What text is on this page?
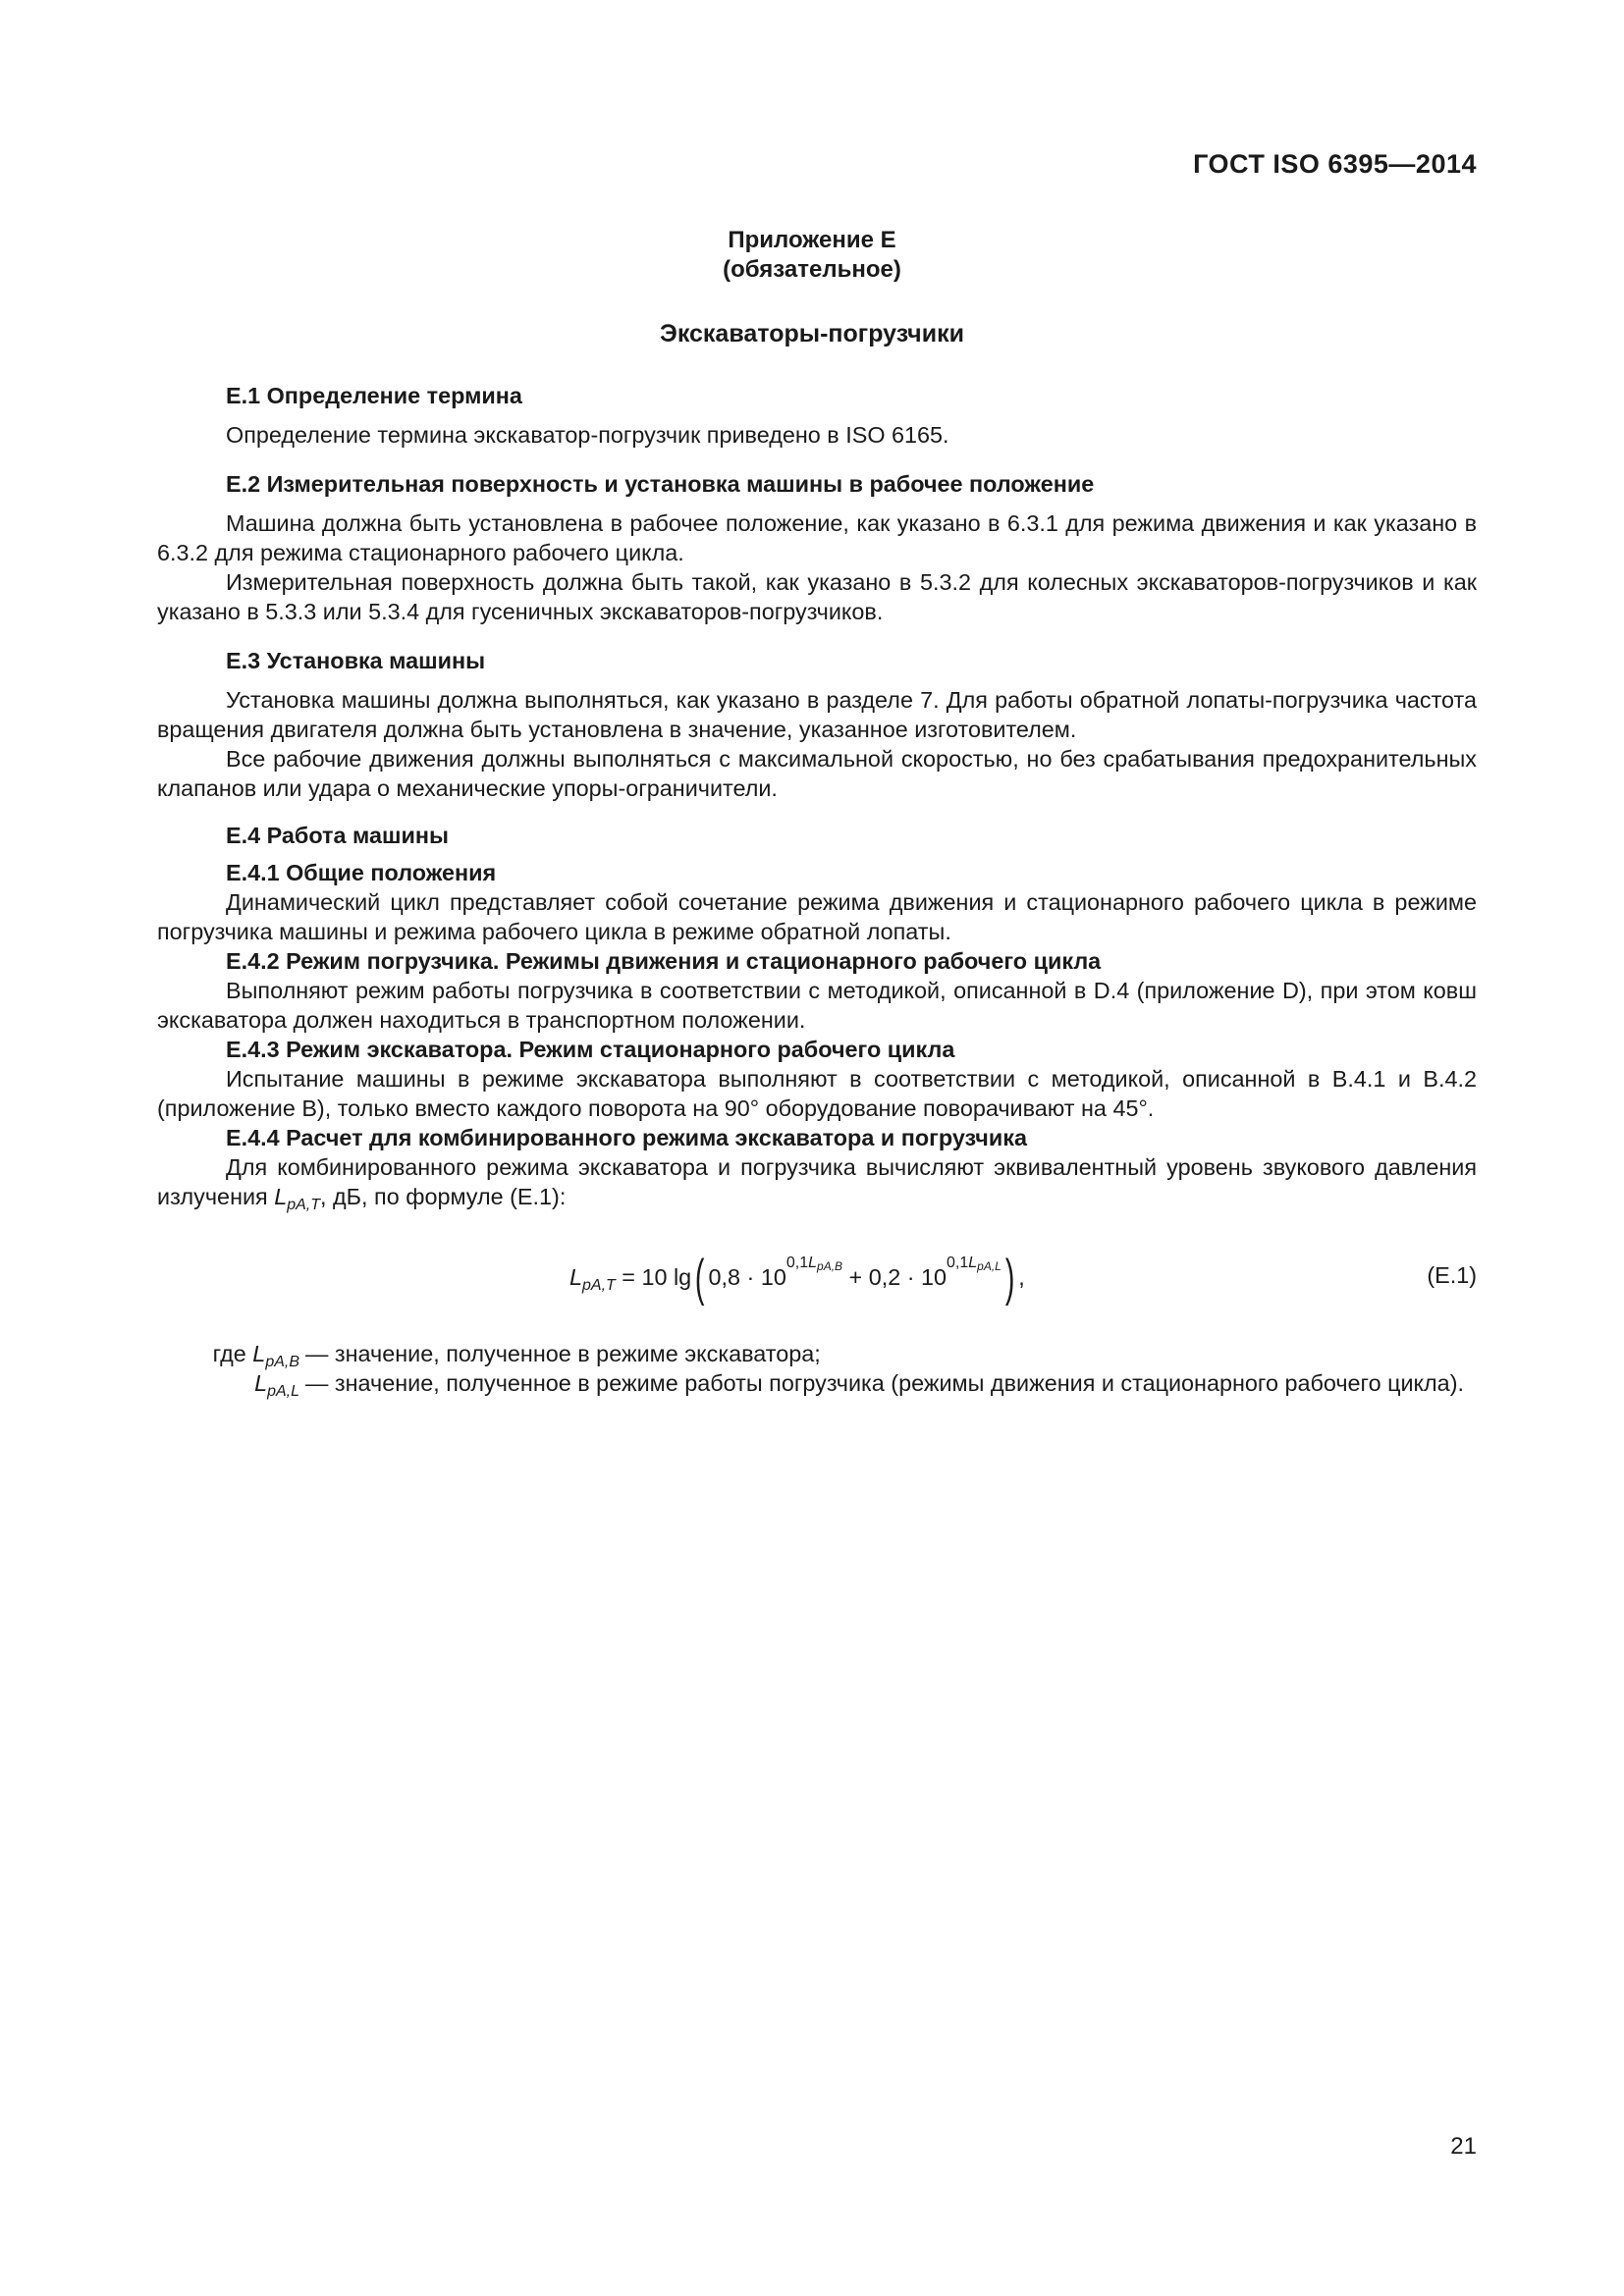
ГОСТ ISO 6395—2014
Приложение Е
(обязательное)
Экскаваторы-погрузчики
Е.1 Определение термина
Определение термина экскаватор-погрузчик приведено в ISO 6165.
Е.2 Измерительная поверхность и установка машины в рабочее положение
Машина должна быть установлена в рабочее положение, как указано в 6.3.1 для режима движения и как указано в 6.3.2 для режима стационарного рабочего цикла.
Измерительная поверхность должна быть такой, как указано в 5.3.2 для колесных экскаваторов-погрузчиков и как указано в 5.3.3 или 5.3.4 для гусеничных экскаваторов-погрузчиков.
Е.3 Установка машины
Установка машины должна выполняться, как указано в разделе 7. Для работы обратной лопаты-погрузчика частота вращения двигателя должна быть установлена в значение, указанное изготовителем.
Все рабочие движения должны выполняться с максимальной скоростью, но без срабатывания предохранительных клапанов или удара о механические упоры-ограничители.
Е.4 Работа машины
Е.4.1 Общие положения
Динамический цикл представляет собой сочетание режима движения и стационарного рабочего цикла в режиме погрузчика машины и режима рабочего цикла в режиме обратной лопаты.
Е.4.2 Режим погрузчика. Режимы движения и стационарного рабочего цикла
Выполняют режим работы погрузчика в соответствии с методикой, описанной в D.4 (приложение D), при этом ковш экскаватора должен находиться в транспортном положении.
Е.4.3 Режим экскаватора. Режим стационарного рабочего цикла
Испытание машины в режиме экскаватора выполняют в соответствии с методикой, описанной в В.4.1 и В.4.2 (приложение В), только вместо каждого поворота на 90° оборудование поворачивают на 45°.
Е.4.4 Расчет для комбинированного режима экскаватора и погрузчика
Для комбинированного режима экскаватора и погрузчика вычисляют эквивалентный уровень звукового давления излучения $L_{pA,T}$, дБ, по формуле (Е.1):
$L_{pA,T} = 10$ lg( $0,8 \cdot 10^{0,1L_{pA,B}} + 0,2 \cdot 10^{0,1L_{pA,L}}$) ,	(Е.1)
где $L_{pA,B}$ — значение, полученное в режиме экскаватора;
$L_{pA,L}$ — значение, полученное в режиме работы погрузчика (режимы движения и стационарного рабочего цикла).
21
